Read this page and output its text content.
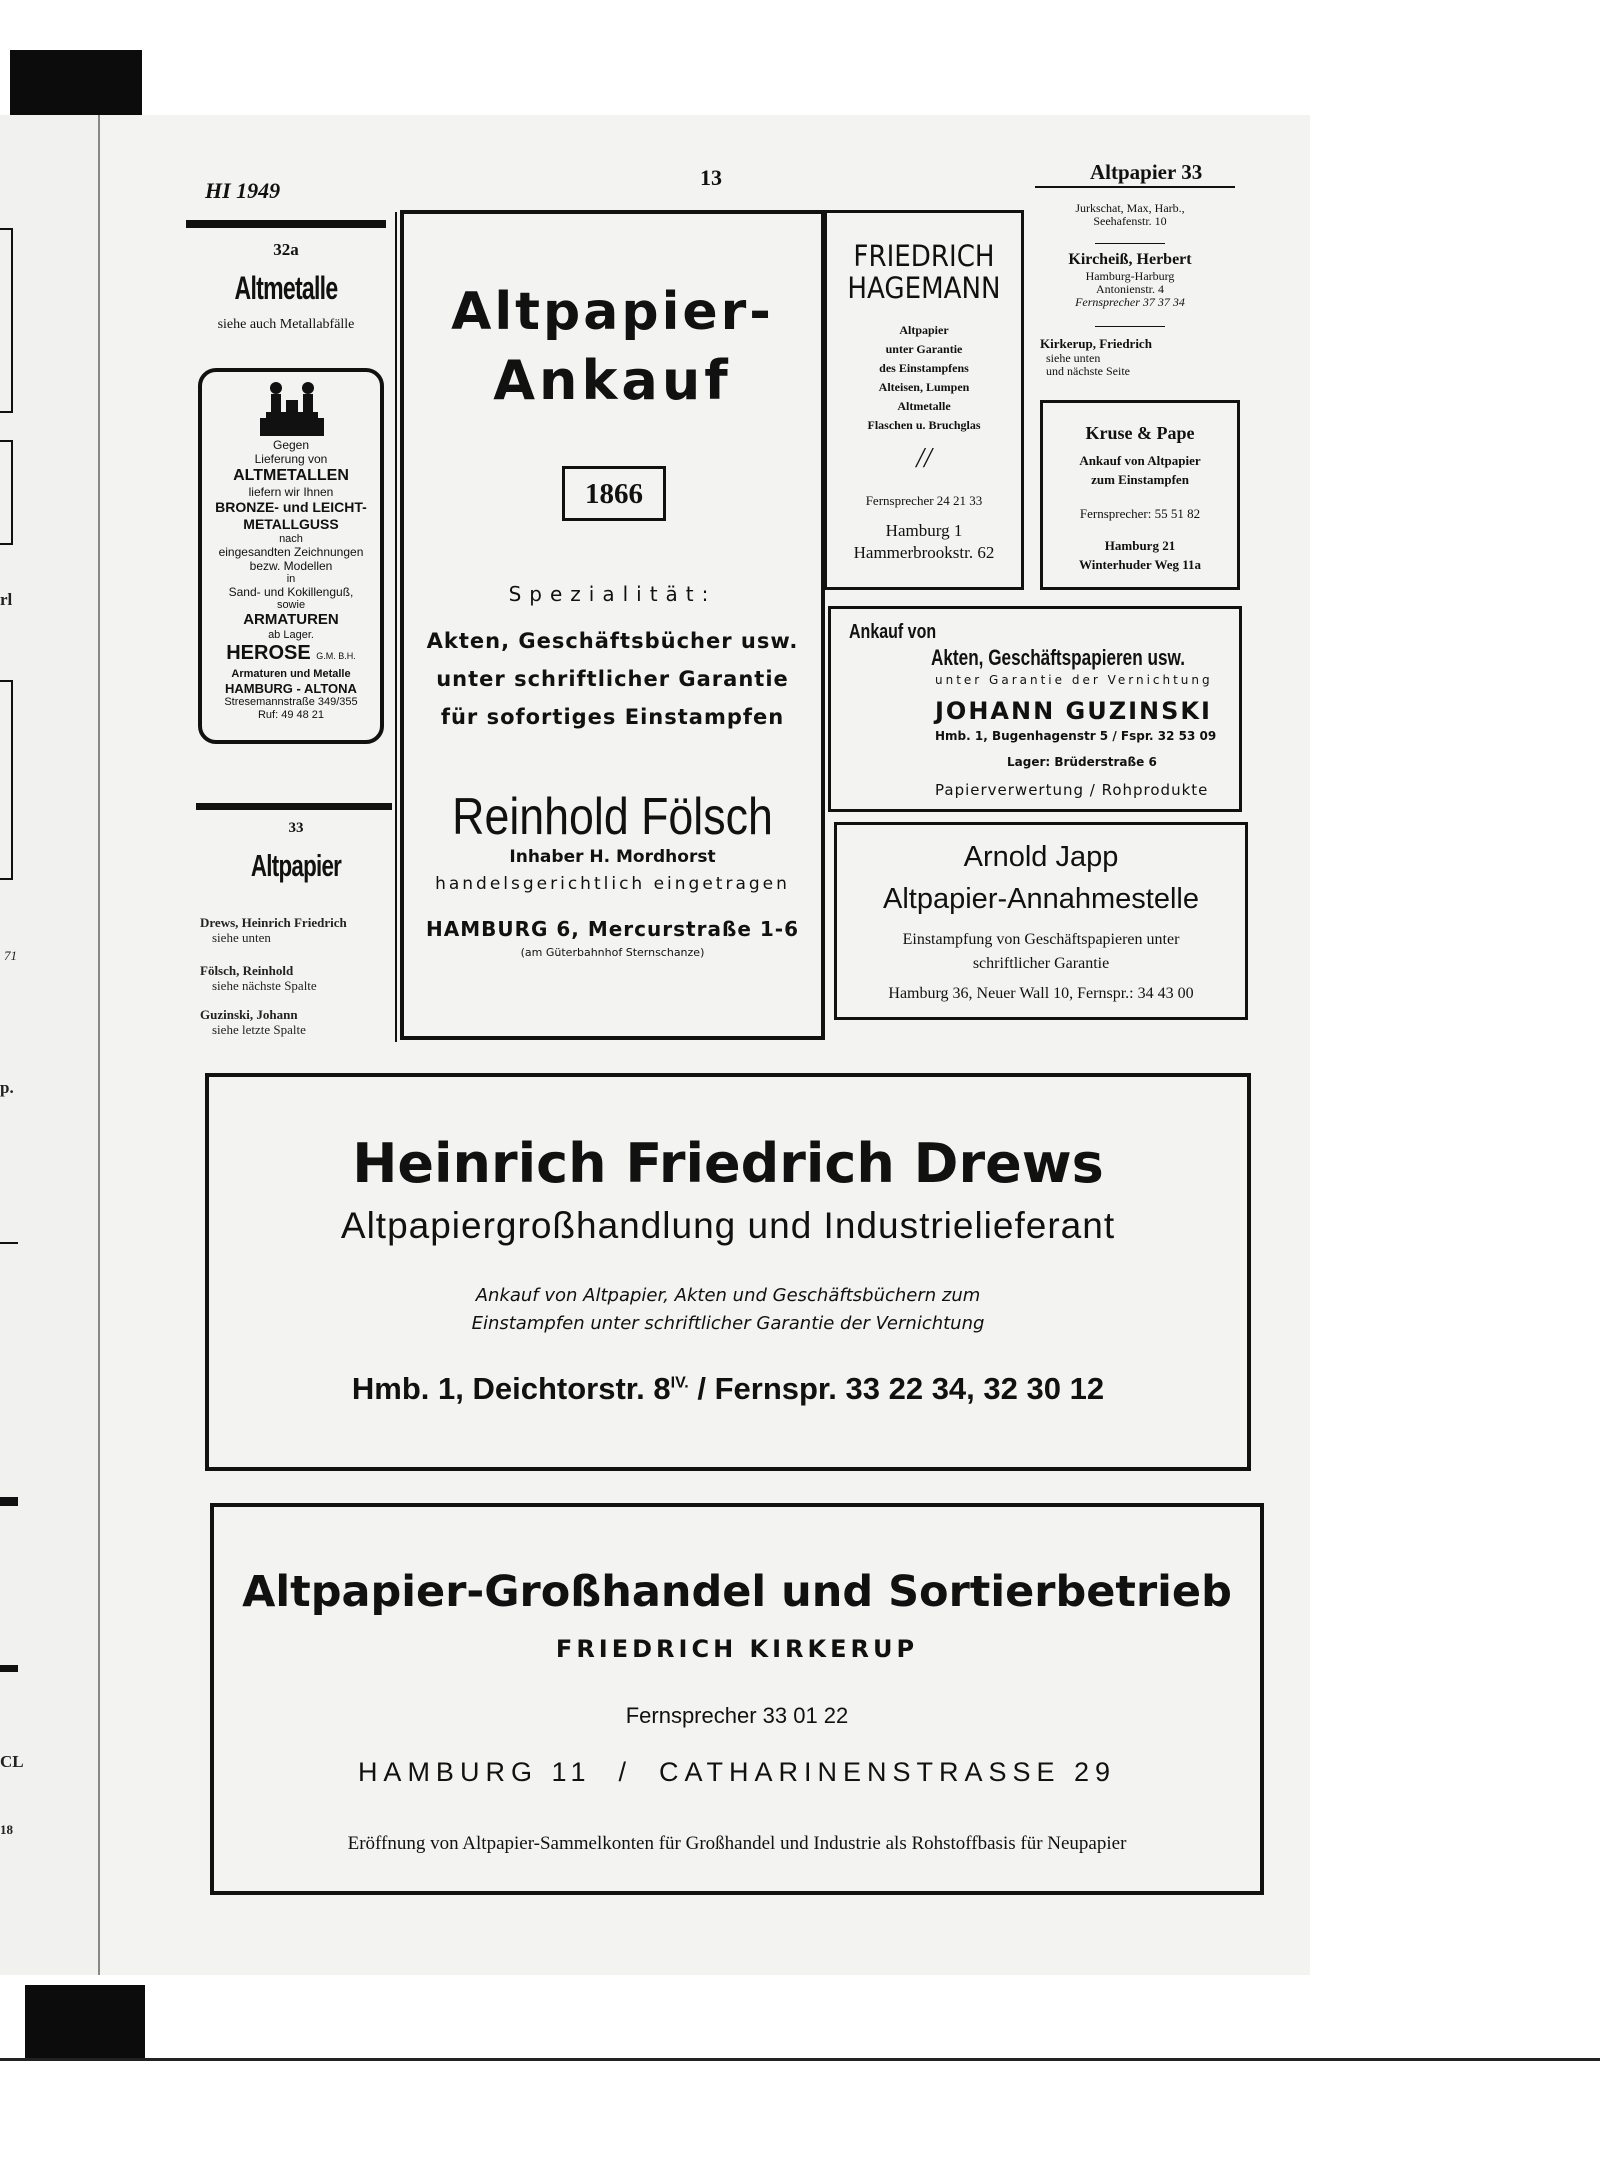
rl
71
p.
CL
18
HI 1949
13	Altpapier 33
32a
Altmetalle
siehe auch Metallabfälle
Gegen
Lieferung von
ALTMETALLEN
liefern wir Ihnen
BRONZE- und LEICHT-
METALLGUSS
nach
eingesandten Zeichnungen
bezw. Modellen
in
Sand- und Kokillenguß,
sowie
ARMATUREN
ab Lager.
HEROSE G.M. B.H.
Armaturen und Metalle
HAMBURG - ALTONA
Stresemannstraße 349/355
Ruf: 49 48 21
33
Altpapier
Drews, Heinrich Friedrich
siehe unten
Fölsch, Reinhold
siehe nächste Spalte
Guzinski, Johann
siehe letzte Spalte
Altpapier-
Ankauf
1866
Spezialität:
Akten, Geschäftsbücher usw.
unter schriftlicher Garantie
für sofortiges Einstampfen
Reinhold Fölsch
Inhaber H. Mordhorst
handelsgerichtlich eingetragen
HAMBURG 6, Mercurstraße 1-6
(am Güterbahnhof Sternschanze)
FRIEDRICH
HAGEMANN
Altpapier
unter Garantie
des Einstampfens
Alteisen, Lumpen
Altmetalle
Flaschen u. Bruchglas
//
Fernsprecher 24 21 33
Hamburg 1
Hammerbrookstr. 62
Jurkschat, Max, Harb.,
Seehafenstr. 10
Kircheiß, Herbert
Hamburg-Harburg
Antonienstr. 4
Fernsprecher 37 37 34
Kirkerup, Friedrich
siehe unten
und nächste Seite
Kruse & Pape
Ankauf von Altpapier
zum Einstampfen
Fernsprecher: 55 51 82
Hamburg 21
Winterhuder Weg 11a
Ankauf von
Akten, Geschäftspapieren usw.
unter Garantie der Vernichtung
JOHANN GUZINSKI
Hmb. 1, Bugenhagenstr 5 / Fspr. 32 53 09
Lager: Brüderstraße 6
Papierverwertung / Rohprodukte
Arnold Japp
Altpapier-Annahmestelle
Einstampfung von Geschäftspapieren unter
schriftlicher Garantie
Hamburg 36, Neuer Wall 10, Fernspr.: 34 43 00
Heinrich Friedrich Drews
Altpapiergroßhandlung und Industrielieferant
Ankauf von Altpapier, Akten und Geschäftsbüchern zum
Einstampfen unter schriftlicher Garantie der Vernichtung
Hmb. 1, Deichtorstr. $8^{IV.}$ / Fernspr. 33 22 34, 32 30 12
Altpapier-Großhandel und Sortierbetrieb
FRIEDRICH KIRKERUP
Fernsprecher 33 01 22
HAMBURG 11  /  CATHARINENSTRASSE 29
Eröffnung von Altpapier-Sammelkonten für Großhandel und Industrie als Rohstoffbasis für Neupapier
